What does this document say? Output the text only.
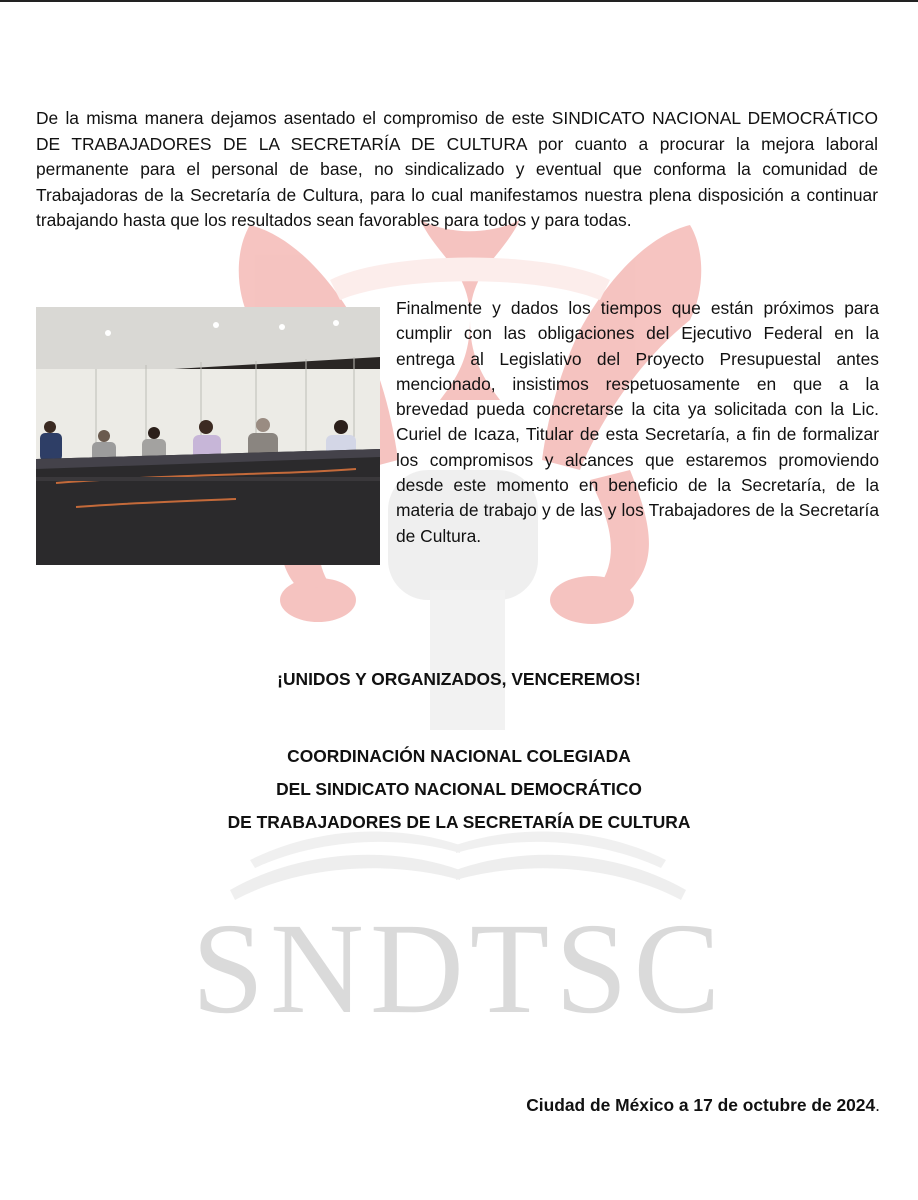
SNDTSC

De la misma manera dejamos asentado el compromiso de este SINDICATO NACIONAL DEMOCRÁTICO DE TRABAJADORES DE LA SECRETARÍA DE CULTURA por cuanto a procurar la mejora laboral permanente para el personal de base, no sindicalizado y eventual que conforma la comunidad de Trabajadoras de la Secretaría de Cultura, para lo cual manifestamos nuestra plena disposición a continuar trabajando hasta que los resultados sean favorables para todos y para todas.

Finalmente y dados los tiempos que están próximos para cumplir con las obligaciones del Ejecutivo Federal en la entrega al Legislativo del Proyecto Presupuestal antes mencionado, insistimos respetuosamente en que a la brevedad pueda concretarse la cita ya solicitada con la Lic. Curiel de Icaza, Titular de esta Secretaría, a fin de formalizar los compromisos y alcances que estaremos promoviendo desde este momento en beneficio de la Secretaría, de la materia de trabajo y de las y los Trabajadores de la Secretaría de Cultura.

¡UNIDOS Y ORGANIZADOS, VENCEREMOS!

COORDINACIÓN NACIONAL COLEGIADA
DEL SINDICATO NACIONAL DEMOCRÁTICO
DE TRABAJADORES DE LA SECRETARÍA DE CULTURA

Ciudad de México a 17 de octubre de 2024.
